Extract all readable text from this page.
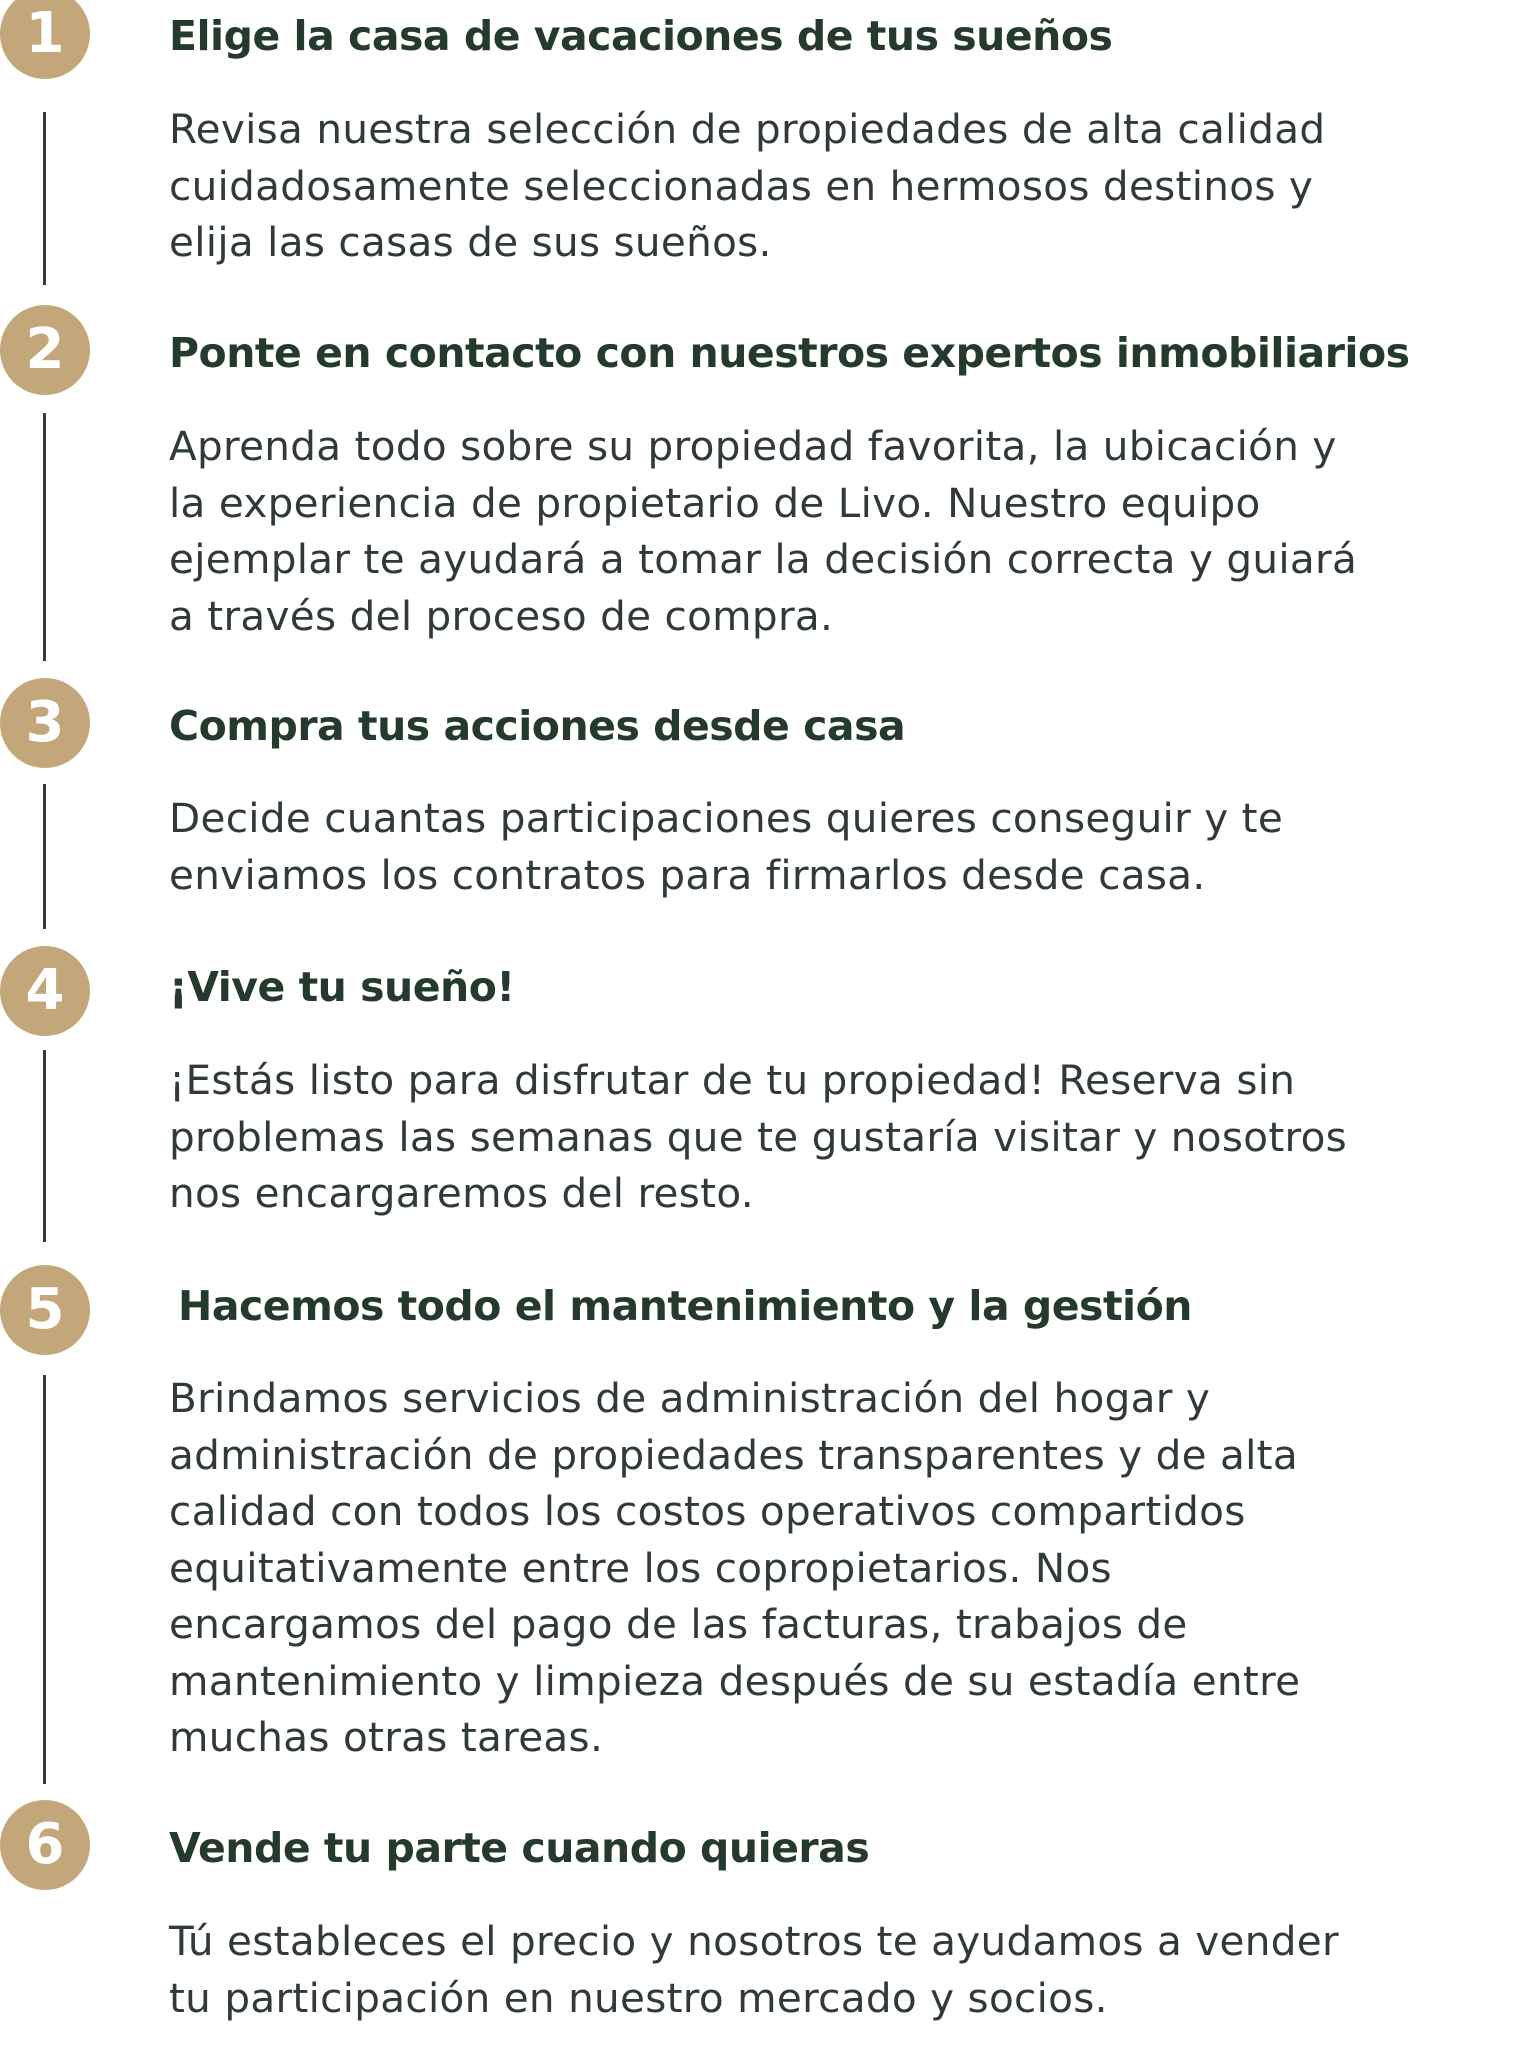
1	Elige la casa de vacaciones de tus sueños

Revisa nuestra selección de propiedades de alta calidad
cuidadosamente seleccionadas en hermosos destinos y
elija las casas de sus sueños.

2	Ponte en contacto con nuestros expertos inmobiliarios

Aprenda todo sobre su propiedad favorita, la ubicación y
la experiencia de propietario de Livo. Nuestro equipo
ejemplar te ayudará a tomar la decisión correcta y guiará
a través del proceso de compra.

3	Compra tus acciones desde casa

Decide cuantas participaciones quieres conseguir y te
enviamos los contratos para firmarlos desde casa.

4	¡Vive tu sueño!

¡Estás listo para disfrutar de tu propiedad! Reserva sin
problemas las semanas que te gustaría visitar y nosotros
nos encargaremos del resto.

5	Hacemos todo el mantenimiento y la gestión

Brindamos servicios de administración del hogar y
administración de propiedades transparentes y de alta
calidad con todos los costos operativos compartidos
equitativamente entre los copropietarios. Nos
encargamos del pago de las facturas, trabajos de
mantenimiento y limpieza después de su estadía entre
muchas otras tareas.

6	Vende tu parte cuando quieras

Tú estableces el precio y nosotros te ayudamos a vender
tu participación en nuestro mercado y socios.
